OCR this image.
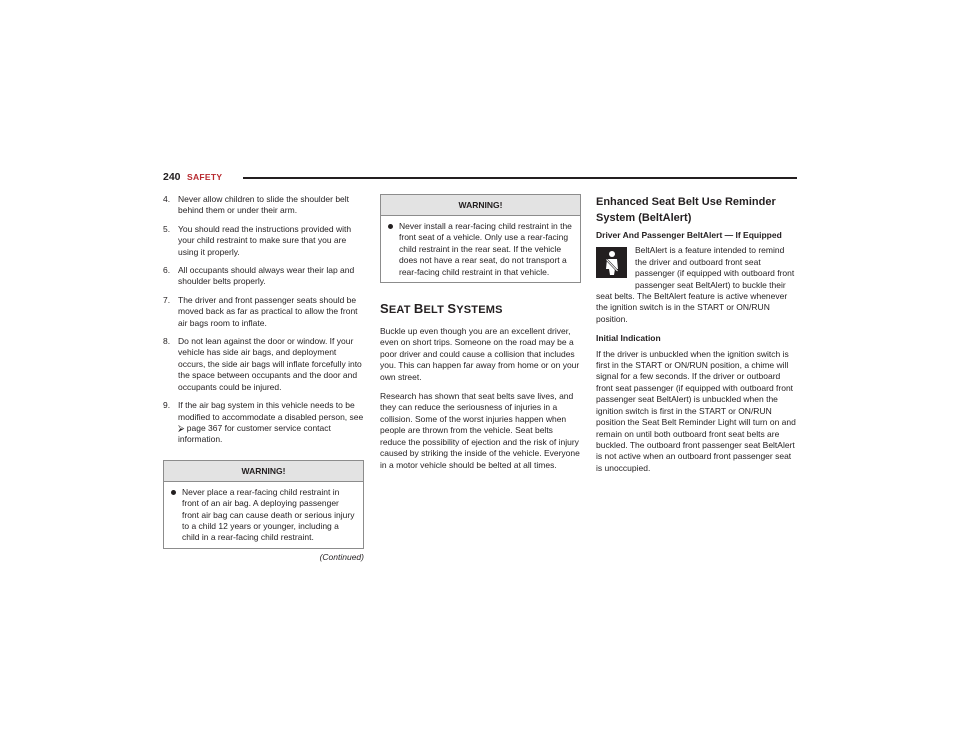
240 SAFETY
4. Never allow children to slide the shoulder belt behind them or under their arm.
5. You should read the instructions provided with your child restraint to make sure that you are using it properly.
6. All occupants should always wear their lap and shoulder belts properly.
7. The driver and front passenger seats should be moved back as far as practical to allow the front air bags room to inflate.
8. Do not lean against the door or window. If your vehicle has side air bags, and deployment occurs, the side air bags will inflate forcefully into the space between occupants and the door and occupants could be injured.
9. If the air bag system in this vehicle needs to be modified to accommodate a disabled person, see ⮚ page 367 for customer service contact information.
WARNING!
Never place a rear-facing child restraint in front of an air bag. A deploying passenger front air bag can cause death or serious injury to a child 12 years or younger, including a child in a rear-facing child restraint.
(Continued)
WARNING!
Never install a rear-facing child restraint in the front seat of a vehicle. Only use a rear-facing child restraint in the rear seat. If the vehicle does not have a rear seat, do not transport a rear-facing child restraint in that vehicle.
SEAT BELT SYSTEMS

Buckle up even though you are an excellent driver, even on short trips. Someone on the road may be a poor driver and could cause a collision that includes you. This can happen far away from home or on your own street.

Research has shown that seat belts save lives, and they can reduce the seriousness of injuries in a collision. Some of the worst injuries happen when people are thrown from the vehicle. Seat belts reduce the possibility of ejection and the risk of injury caused by striking the inside of the vehicle. Everyone in a motor vehicle should be belted at all times.

Enhanced Seat Belt Use Reminder System (BeltAlert)
Driver And Passenger BeltAlert — If Equipped

BeltAlert is a feature intended to remind the driver and outboard front seat passenger (if equipped with outboard front passenger seat BeltAlert) to buckle their seat belts. The BeltAlert feature is active whenever the ignition switch is in the START or ON/RUN position.

Initial Indication

If the driver is unbuckled when the ignition switch is first in the START or ON/RUN position, a chime will signal for a few seconds. If the driver or outboard front seat passenger (if equipped with outboard front passenger seat BeltAlert) is unbuckled when the ignition switch is first in the START or ON/RUN position the Seat Belt Reminder Light will turn on and remain on until both outboard front seat belts are buckled. The outboard front passenger seat BeltAlert is not active when an outboard front passenger seat is unoccupied.
